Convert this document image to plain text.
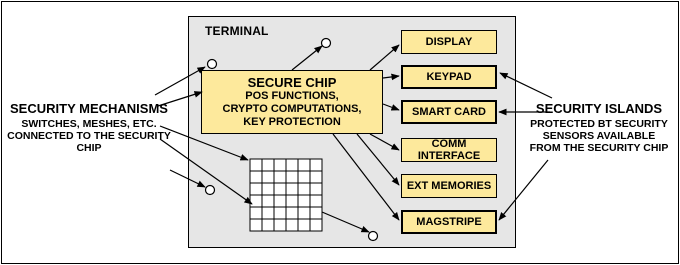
TERMINAL
SECURE CHIP
POS FUNCTIONS,
CRYPTO COMPUTATIONS,
KEY PROTECTION
DISPLAY
KEYPAD
SMART CARD
COMM INTERFACE
EXT MEMORIES
MAGSTRIPE
SECURITY MECHANISMS
SWITCHES, MESHES, ETC.
CONNECTED TO THE SECURITY
CHIP
SECURITY ISLANDS
PROTECTED BT SECURITY
SENSORS AVAILABLE
FROM THE SECURITY CHIP
